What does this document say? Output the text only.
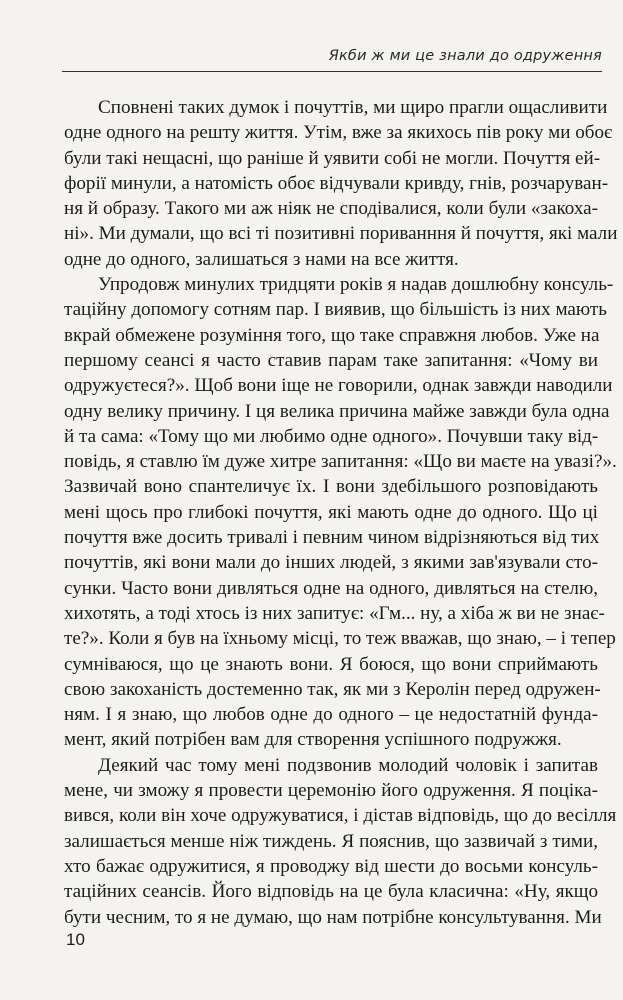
Якби ж ми це знали до одруження
Сповнені таких думок і почуттів, ми щиро прагли ощасливити
одне одного на решту життя. Утім, вже за якихось пів року ми обоє
були такі нещасні, що раніше й уявити собі не могли. Почуття ей-
форії минули, а натомість обоє відчували кривду, гнів, розчаруван-
ня й образу. Такого ми аж ніяк не сподівалися, коли були «закоха-
ні». Ми думали, що всі ті позитивні пориванння й почуття, які мали
одне до одного, залишаться з нами на все життя.
Упродовж минулих тридцяти років я надав дошлюбну консуль-
таційну допомогу сотням пар. І виявив, що більшість із них мають
вкрай обмежене розуміння того, що таке справжня любов. Уже на
першому сеансі я часто ставив парам таке запитання: «Чому ви
одружуєтеся?». Щоб вони іще не говорили, однак завжди наводили
одну велику причину. І ця велика причина майже завжди була одна
й та сама: «Тому що ми любимо одне одного». Почувши таку від-
повідь, я ставлю їм дуже хитре запитання: «Що ви маєте на увазі?».
Зазвичай воно спантеличує їх. І вони здебільшого розповідають
мені щось про глибокі почуття, які мають одне до одного. Що ці
почуття вже досить тривалі і певним чином відрізняються від тих
почуттів, які вони мали до інших людей, з якими зав'язували сто-
сунки. Часто вони дивляться одне на одного, дивляться на стелю,
хихотять, а тоді хтось із них запитує: «Гм... ну, а хіба ж ви не знає-
те?». Коли я був на їхньому місці, то теж вважав, що знаю, – і тепер
сумніваюся, що це знають вони. Я боюся, що вони сприймають
свою закоханість достеменно так, як ми з Керолін перед одружен-
ням. І я знаю, що любов одне до одного – це недостатній фунда-
мент, який потрібен вам для створення успішного подружжя.
Деякий час тому мені подзвонив молодий чоловік і запитав
мене, чи зможу я провести церемонію його одруження. Я поціка-
вився, коли він хоче одружуватися, і дістав відповідь, що до весілля
залишається менше ніж тиждень. Я пояснив, що зазвичай з тими,
хто бажає одружитися, я проводжу від шести до восьми консуль-
таційних сеансів. Його відповідь на це була класична: «Ну, якщо
бути чесним, то я не думаю, що нам потрібне консультування. Ми
10
